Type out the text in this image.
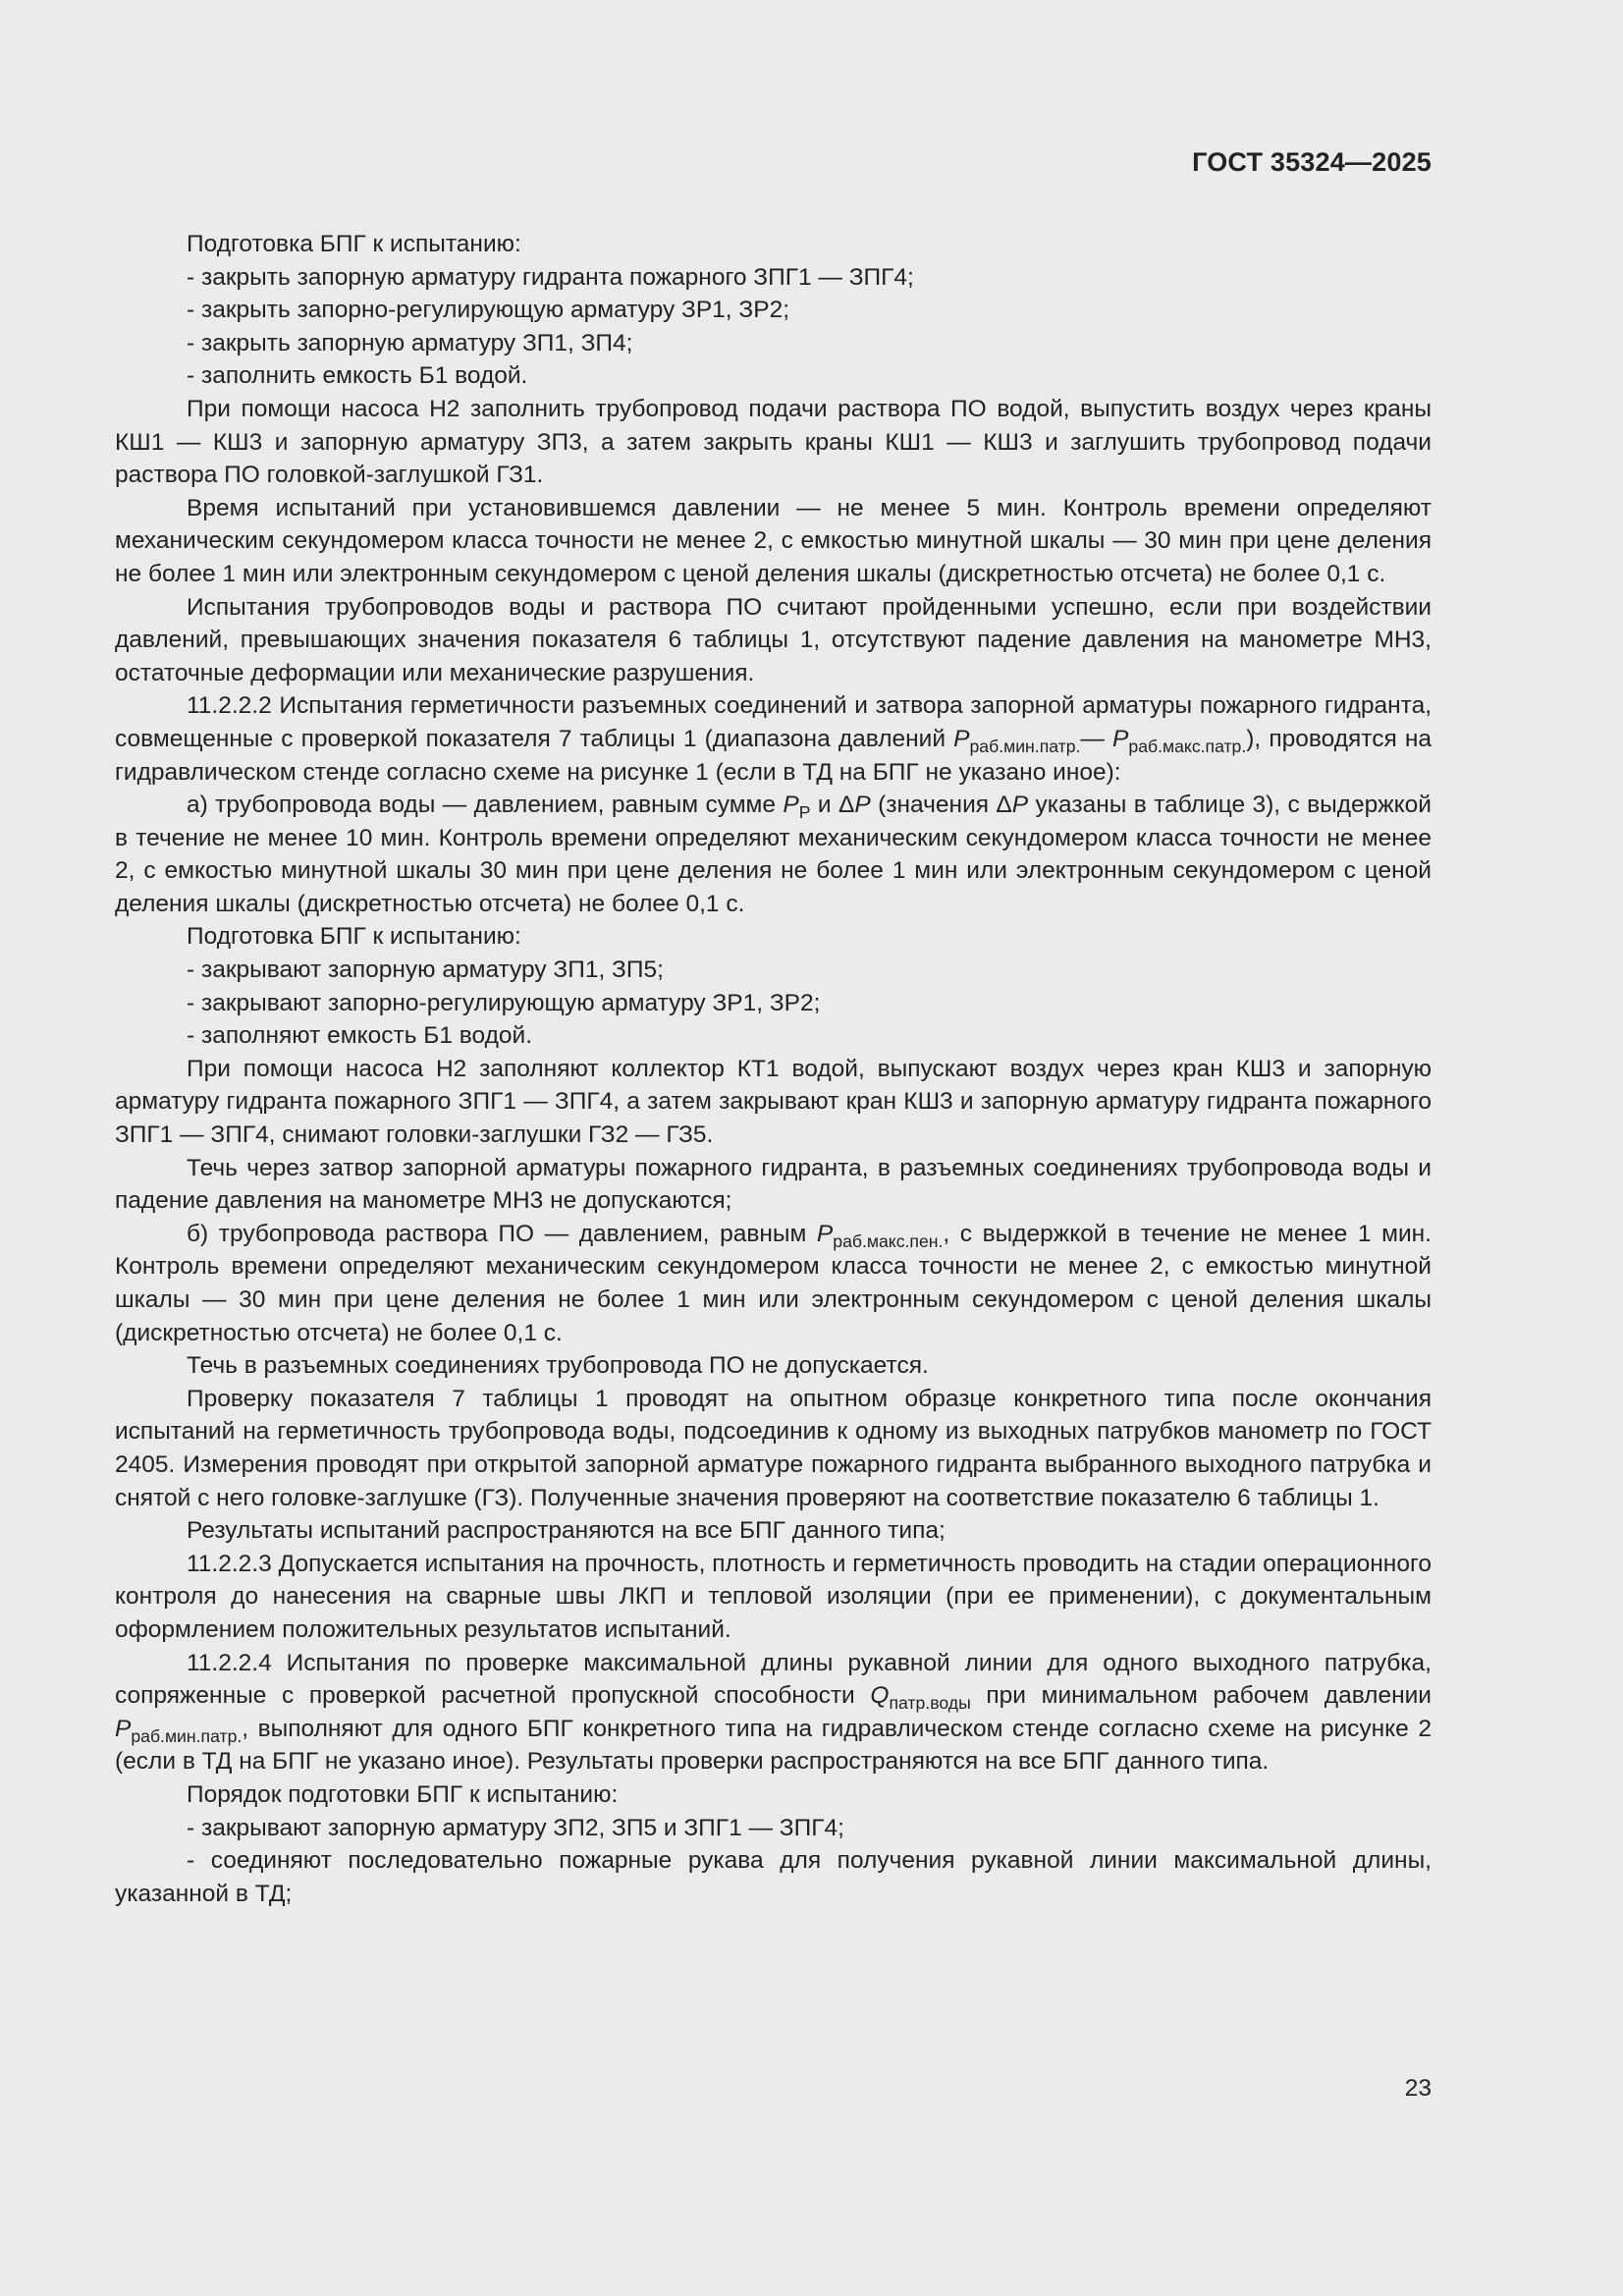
ГОСТ 35324—2025

Подготовка БПГ к испытанию:

- закрыть запорную арматуру гидранта пожарного ЗПГ1 — ЗПГ4;

- закрыть запорно-регулирующую арматуру ЗР1, ЗР2;

- закрыть запорную арматуру ЗП1, ЗП4;

- заполнить емкость Б1 водой.

При помощи насоса Н2 заполнить трубопровод подачи раствора ПО водой, выпустить воздух через краны КШ1 — КШ3 и запорную арматуру ЗП3, а затем закрыть краны КШ1 — КШ3 и заглушить трубопровод подачи раствора ПО головкой-заглушкой ГЗ1.

Время испытаний при установившемся давлении — не менее 5 мин. Контроль времени определяют механическим секундомером класса точности не менее 2, с емкостью минутной шкалы — 30 мин при цене деления не более 1 мин или электронным секундомером с ценой деления шкалы (дискретностью отсчета) не более 0,1 с.

Испытания трубопроводов воды и раствора ПО считают пройденными успешно, если при воздействии давлений, превышающих значения показателя 6 таблицы 1, отсутствуют падение давления на манометре МН3, остаточные деформации или механические разрушения.

11.2.2.2 Испытания герметичности разъемных соединений и затвора запорной арматуры пожарного гидранта, совмещенные с проверкой показателя 7 таблицы 1 (диапазона давлений $P_{раб.мин.патр.}—$ $P_{раб.макс.патр.}$), проводятся на гидравлическом стенде согласно схеме на рисунке 1 (если в ТД на БПГ не указано иное):

а) трубопровода воды — давлением, равным сумме $P_Р$ и ΔP (значения ΔP указаны в таблице 3), с выдержкой в течение не менее 10 мин. Контроль времени определяют механическим секундомером класса точности не менее 2, с емкостью минутной шкалы 30 мин при цене деления не более 1 мин или электронным секундомером с ценой деления шкалы (дискретностью отсчета) не более 0,1 с.

Подготовка БПГ к испытанию:

- закрывают запорную арматуру ЗП1, ЗП5;

- закрывают запорно-регулирующую арматуру ЗР1, ЗР2;

- заполняют емкость Б1 водой.

При помощи насоса Н2 заполняют коллектор КТ1 водой, выпускают воздух через кран КШ3 и запорную арматуру гидранта пожарного ЗПГ1 — ЗПГ4, а затем закрывают кран КШ3 и запорную арматуру гидранта пожарного ЗПГ1 — ЗПГ4, снимают головки-заглушки ГЗ2 — ГЗ5.

Течь через затвор запорной арматуры пожарного гидранта, в разъемных соединениях трубопровода воды и падение давления на манометре МН3 не допускаются;

б) трубопровода раствора ПО — давлением, равным $P_{раб.макс.пен.}$, с выдержкой в течение не менее 1 мин. Контроль времени определяют механическим секундомером класса точности не менее 2, с емкостью минутной шкалы — 30 мин при цене деления не более 1 мин или электронным секундомером с ценой деления шкалы (дискретностью отсчета) не более 0,1 с.

Течь в разъемных соединениях трубопровода ПО не допускается.

Проверку показателя 7 таблицы 1 проводят на опытном образце конкретного типа после окончания испытаний на герметичность трубопровода воды, подсоединив к одному из выходных патрубков манометр по ГОСТ 2405. Измерения проводят при открытой запорной арматуре пожарного гидранта выбранного выходного патрубка и снятой с него головке-заглушке (ГЗ). Полученные значения проверяют на соответствие показателю 6 таблицы 1.

Результаты испытаний распространяются на все БПГ данного типа;

11.2.2.3 Допускается испытания на прочность, плотность и герметичность проводить на стадии операционного контроля до нанесения на сварные швы ЛКП и тепловой изоляции (при ее применении), с документальным оформлением положительных результатов испытаний.

11.2.2.4 Испытания по проверке максимальной длины рукавной линии для одного выходного патрубка, сопряженные с проверкой расчетной пропускной способности $Q_{патр.воды}$ при минимальном рабочем давлении $P_{раб.мин.патр.}$, выполняют для одного БПГ конкретного типа на гидравлическом стенде согласно схеме на рисунке 2 (если в ТД на БПГ не указано иное). Результаты проверки распространяются на все БПГ данного типа.

Порядок подготовки БПГ к испытанию:

- закрывают запорную арматуру ЗП2, ЗП5 и ЗПГ1 — ЗПГ4;

- соединяют последовательно пожарные рукава для получения рукавной линии максимальной длины, указанной в ТД;

23
